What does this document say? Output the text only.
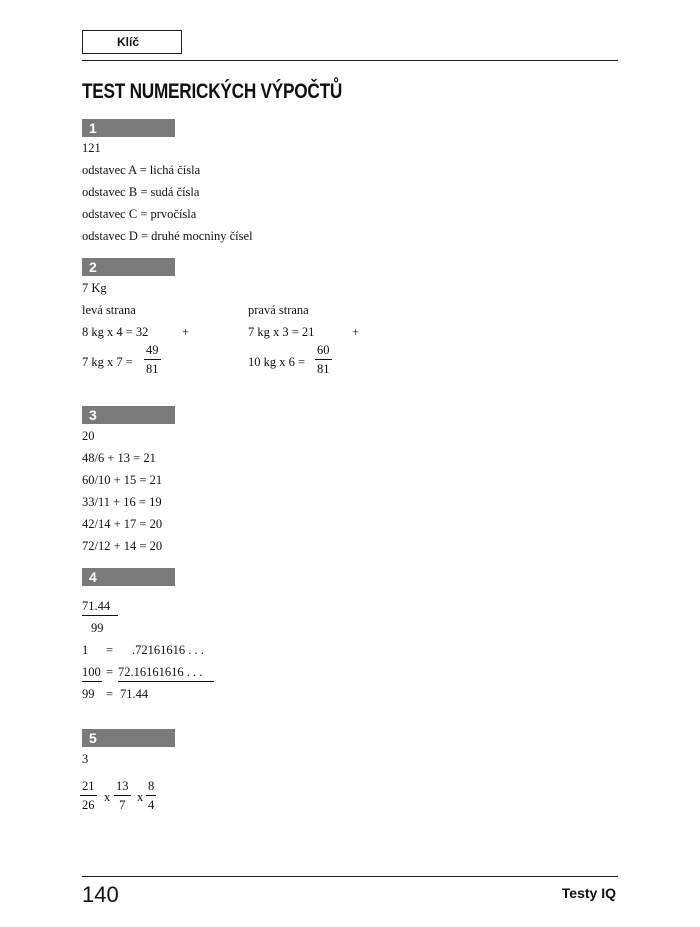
Klíč
TEST NUMERICKÝCH VÝPOČTŮ
1
121
odstavec A = lichá čísla
odstavec B = sudá čísla
odstavec C = prvočísla
odstavec D = druhé mocniny čísel
2
7 Kg
levá strana	pravá strana
8 kg x 4 = 32	+	7 kg x 3 = 21	+
7 kg x $7 = \frac{49}{81}$	10 kg x $6 = \frac{60}{81}$
3
20
48/6 + 13 = 21
60/10 + 15 = 21
33/11 + 16 = 19
42/14 + 17 = 20
72/12 + 14 = 20
4
71.44
99
1 = .72161616 . . .
100 = 72.16161616 . . .
99 = 71.44
5
3
$\frac{21}{26}$ x $\frac{13}{7}$ x $\frac{8}{4}$
140	Testy IQ
